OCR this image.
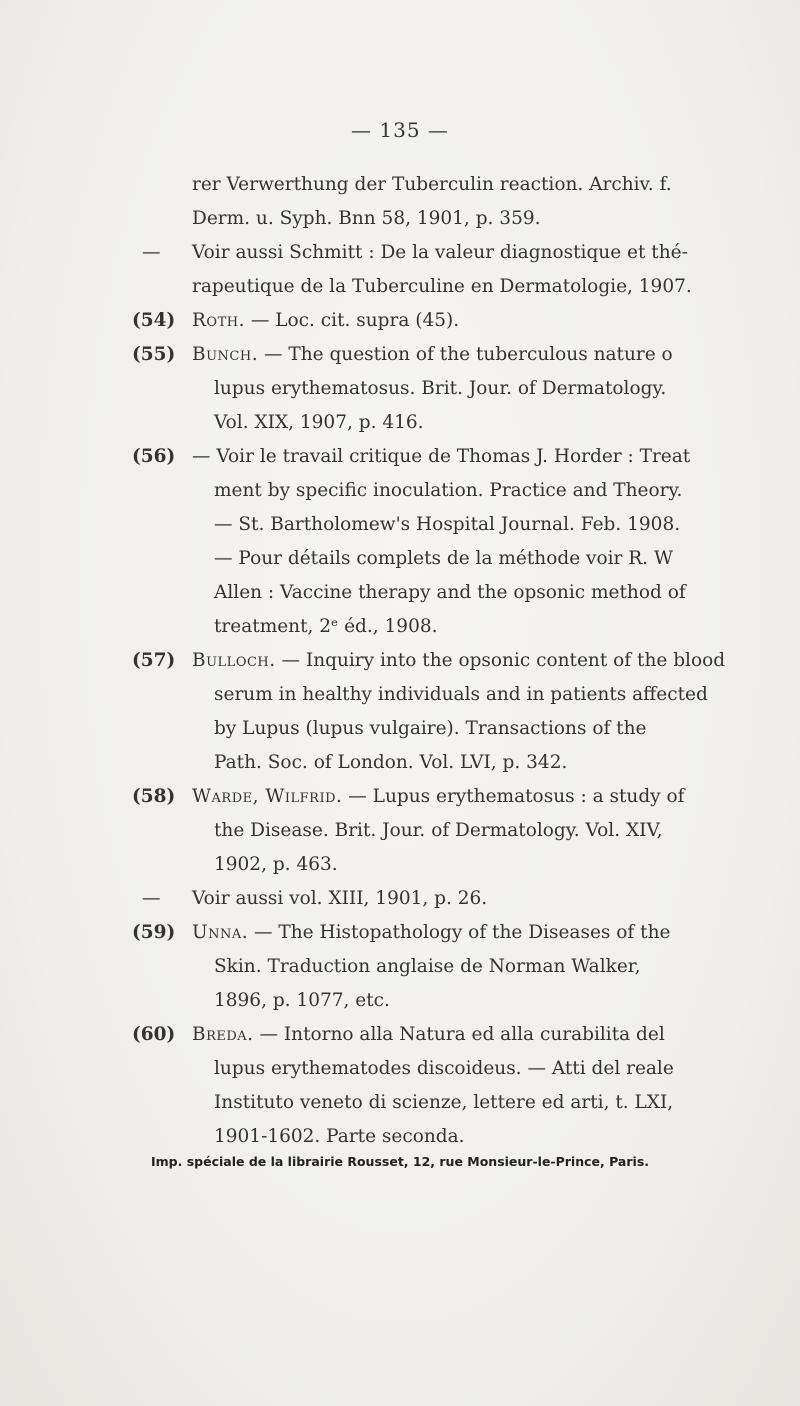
— 135 —
rer Verwerthung der Tuberculin reaction. Archiv. f.
Derm. u. Syph. Bnn 58, 1901, p. 359.
— Voir aussi Schmitt : De la valeur diagnostique et thé-
rapeutique de la Tuberculine en Dermatologie, 1907.
(54) Roth. — Loc. cit. supra (45).
(55) Bunch. — The question of the tuberculous nature o
lupus erythematosus. Brit. Jour. of Dermatology.
Vol. XIX, 1907, p. 416.
(56) — Voir le travail critique de Thomas J. Horder : Treat
ment by specific inoculation. Practice and Theory.
— St. Bartholomew's Hospital Journal. Feb. 1908.
— Pour détails complets de la méthode voir R. W
Allen : Vaccine therapy and the opsonic method of
treatment, 2ᵉ éd., 1908.
(57) Bulloch. — Inquiry into the opsonic content of the blood
serum in healthy individuals and in patients affected
by Lupus (lupus vulgaire). Transactions of the
Path. Soc. of London. Vol. LVI, p. 342.
(58) Warde, Wilfrid. — Lupus erythematosus : a study of
the Disease. Brit. Jour. of Dermatology. Vol. XIV,
1902, p. 463.
— Voir aussi vol. XIII, 1901, p. 26.
(59) Unna. — The Histopathology of the Diseases of the
Skin. Traduction anglaise de Norman Walker,
1896, p. 1077, etc.
(60) Breda. — Intorno alla Natura ed alla curabilita del
lupus erythematodes discoideus. — Atti del reale
Instituto veneto di scienze, lettere ed arti, t. LXI,
1901-1602. Parte seconda.
Imp. spéciale de la librairie Rousset, 12, rue Monsieur-le-Prince, Paris.
